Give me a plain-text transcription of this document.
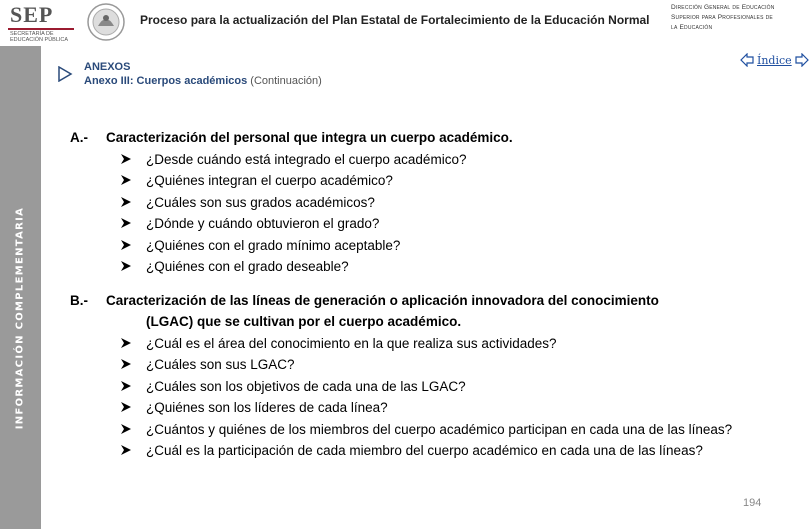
SEP
SECRETARÍA DE EDUCACIÓN PÚBLICA
Proceso para la actualización del Plan Estatal de Fortalecimiento de la Educación Normal
Dirección General de Educación
Superior para Profesionales de
la Educación
INFORMACIÓN COMPLEMENTARIA
ANEXOS
Anexo III: Cuerpos académicos (Continuación)
Índice
A.- Caracterización del personal que integra un cuerpo académico.
¿Desde cuándo está integrado el cuerpo académico?
¿Quiénes integran el cuerpo académico?
¿Cuáles son sus grados académicos?
¿Dónde y cuándo obtuvieron el grado?
¿Quiénes con el grado mínimo aceptable?
¿Quiénes con el grado deseable?
B.- Caracterización de las líneas de generación o aplicación innovadora del conocimiento
(LGAC) que se cultivan por el cuerpo académico.
¿Cuál es el área del conocimiento en la que realiza sus actividades?
¿Cuáles son sus LGAC?
¿Cuáles son los objetivos de cada una de las LGAC?
¿Quiénes son los líderes de cada línea?
¿Cuántos y quiénes de los miembros del cuerpo académico participan en cada una de las líneas?
¿Cuál es la participación de cada miembro del cuerpo académico en cada una de las líneas?
194
